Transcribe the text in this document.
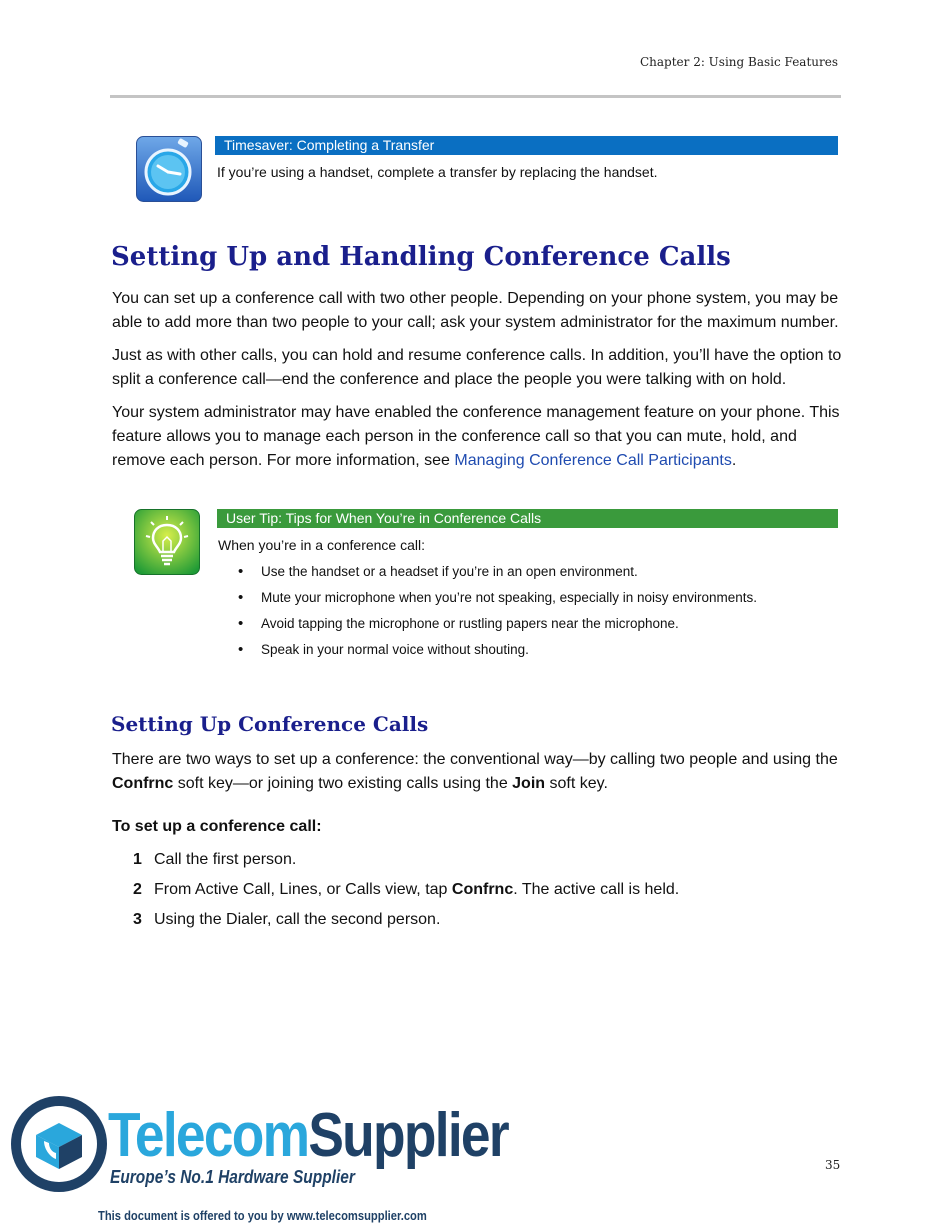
Chapter 2: Using Basic Features
Timesaver: Completing a Transfer
If you’re using a handset, complete a transfer by replacing the handset.
Setting Up and Handling Conference Calls

You can set up a conference call with two other people. Depending on your phone system, you may be able to add more than two people to your call; ask your system administrator for the maximum number.

Just as with other calls, you can hold and resume conference calls. In addition, you’ll have the option to split a conference call—end the conference and place the people you were talking with on hold.

Your system administrator may have enabled the conference management feature on your phone. This feature allows you to manage each person in the conference call so that you can mute, hold, and remove each person. For more information, see Managing Conference Call Participants.

User Tip: Tips for When You’re in Conference Calls
When you’re in a conference call:
• Use the handset or a headset if you’re in an open environment.
• Mute your microphone when you’re not speaking, especially in noisy environments.
• Avoid tapping the microphone or rustling papers near the microphone.
• Speak in your normal voice without shouting.
Setting Up Conference Calls

There are two ways to set up a conference: the conventional way—by calling two people and using the Confrnc soft key—or joining two existing calls using the Join soft key.

To set up a conference call:
1 Call the first person.
2 From Active Call, Lines, or Calls view, tap Confrnc. The active call is held.
3 Using the Dialer, call the second person.
35
TelecomSupplier
Europe’s No.1 Hardware Supplier
This document is offered to you by www.telecomsupplier.com
